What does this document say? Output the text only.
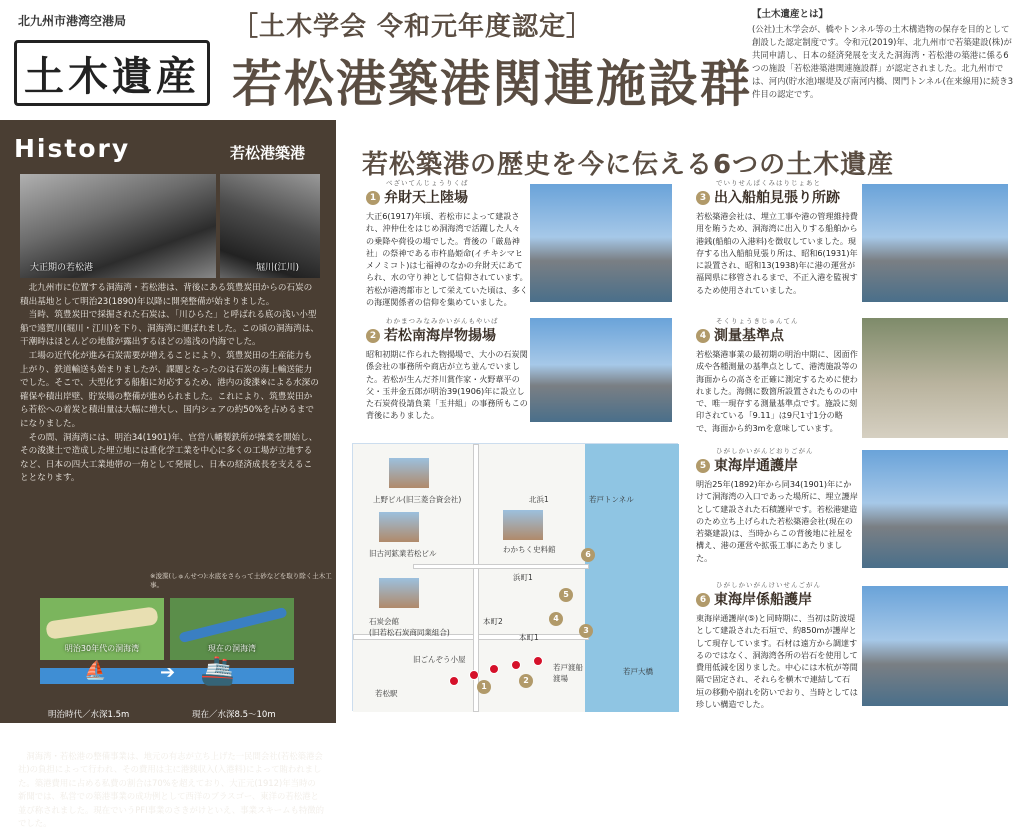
北九州市港湾空港局
土木遺産
［土木学会 令和元年度認定］
若松港築港関連施設群
【土木遺産とは】
(公社)土木学会が、橋やトンネル等の土木構造物の保存を目的として創設した認定制度です。令和元(2019)年、北九州市で若築建設(株)が共同申請し、日本の経済発展を支えた洞海湾・若松港の築港に係る6つの施設「若松港築港関連施設群」が認定されました。北九州市では、河内(貯水池)堰堤及び南河内橋、関門トンネル(在来線用)に続き3件目の認定です。
History	若松港築港
大正期の若松港	堀川(江川)

北九州市に位置する洞海湾・若松港は、背後にある筑豊炭田からの石炭の積出基地として明治23(1890)年以降に開発整備が始まりました。

当時、筑豊炭田で採掘された石炭は、「川ひらた」と呼ばれる底の浅い小型船で遠賀川(堀川・江川)を下り、洞海湾に運ばれました。この頃の洞海湾は、干潮時はほとんどの地盤が露出するほどの遠浅の内海でした。

工場の近代化が進み石炭需要が増えることにより、筑豊炭田の生産能力も上がり、鉄道輸送も始まりましたが、課題となったのは石炭の海上輸送能力でした。そこで、大型化する船舶に対応するため、港内の浚渫※による水深の確保や積出岸壁、貯炭場の整備が進められました。これにより、筑豊炭田から若松への着炭と積出量は大幅に増大し、国内シェアの約50%を占めるまでになりました。

その間、洞海湾には、明治34(1901)年、官営八幡製鉄所が操業を開始し、その浚渫土で造成した埋立地には重化学工業を中心に多くの工場が立地するなど、日本の四大工業地帯の一角として発展し、日本の経済成長を支えることとなります。

※浚渫(しゅんせつ):水底をさらって土砂などを取り除く土木工事。
明治30年代の洞海湾	現在の洞海湾
⛵	➔ 🚢
明治時代／水深1.5m	現在／水深8.5～10m
先駆的な事業スキーム
洞海湾・若松港の整備事業は、地元の有志が立ち上げた一民間会社(若松築港会社)の負担によって行われ、その費用は主に港銭収入(入港料)によって賄われました。築港費用に占める私費の割合は70%を超えており、大正元(1912)年当時の新聞では、私営での築港事業の成功例として西洋のブラスゴー、東洋の若松港と並び称されました。現在でいうPFI事業のさきがけといえ、事業スキームも特徴的でした。
若松築港の歴史を今に伝える6つの土木遺産
べざいてんじょうりくば
1 弁財天上陸場
大正6(1917)年頃、若松市によって建設され、沖仲仕をはじめ洞海湾で活躍した人々の乗降や荷役の場でした。背後の「厳島神社」の祭神である市杵島姫命(イチキシマヒメノミコト)は七福神のなかの弁財天にあてられ、水の守り神として信仰されています。若松が港湾都市として栄えていた頃は、多くの海運関係者の信仰を集めていました。
わかまつみなみかいがんもやいば
2 若松南海岸物揚場
昭和初期に作られた物揚場で、大小の石炭関係会社の事務所や商店が立ち並んでいました。若松が生んだ芥川賞作家・火野葦平の父・玉井金五郎が明治39(1906)年に設立した石炭荷役請負業「玉井組」の事務所もこの背後にありました。
でいりせんぱくみはりじょあと
3 出入船舶見張り所跡
若松築港会社は、埋立工事や港の管理維持費用を賄うため、洞海湾に出入りする船舶から港銭(船舶の入港料)を徴収していました。現存する出入船舶見張り所は、昭和6(1931)年に設置され、昭和13(1938)年に港の運営が福岡県に移管されるまで、不正入港を監視するため使用されていました。
そくりょうきじゅんてん
4 測量基準点
若松築港事業の最初期の明治中期に、図面作成や各種測量の基準点として、港湾施設等の海面からの高さを正確に測定するために使われました。海側に数箇所設置されたものの中で、唯一現存する測量基準点です。施設に刻印されている「9.11」は9尺1寸1分の略で、海面から約3mを意味しています。
ひがしかいがんどおりごがん
5 東海岸通護岸
明治25年(1892)年から同34(1901)年にかけて洞海湾の入口であった場所に、埋立護岸として建設された石積護岸です。若松港建造のため立ち上げられた若松築港会社(現在の若築建設)は、当時からこの背後地に社屋を構え、港の運営や拡張工事にあたりました。
ひがしかいがんけいせんごがん
6 東海岸係船護岸
東海岸通護岸(⑤)と同時期に、当初は防波堤として建設された石垣で、約850mが護岸として現存しています。石材は遠方から調達するのではなく、洞海湾各所の岩石を使用して費用低減を図りました。中心には木杭が等間隔で固定され、それらを横木で連結して石垣の移動や崩れを防いでおり、当時としては珍しい構造でした。
上野ビル(旧三菱合資会社)
旧古河鉱業若松ビル
石炭会館
(旧若松石炭商同業組合)
旧ごんぞう小屋
若松駅
わかちく史料館
若戸トンネル
若戸大橋
若戸渡船
渡場
北浜1
浜町1
本町2
本町1
1
2
3
4
5
6
